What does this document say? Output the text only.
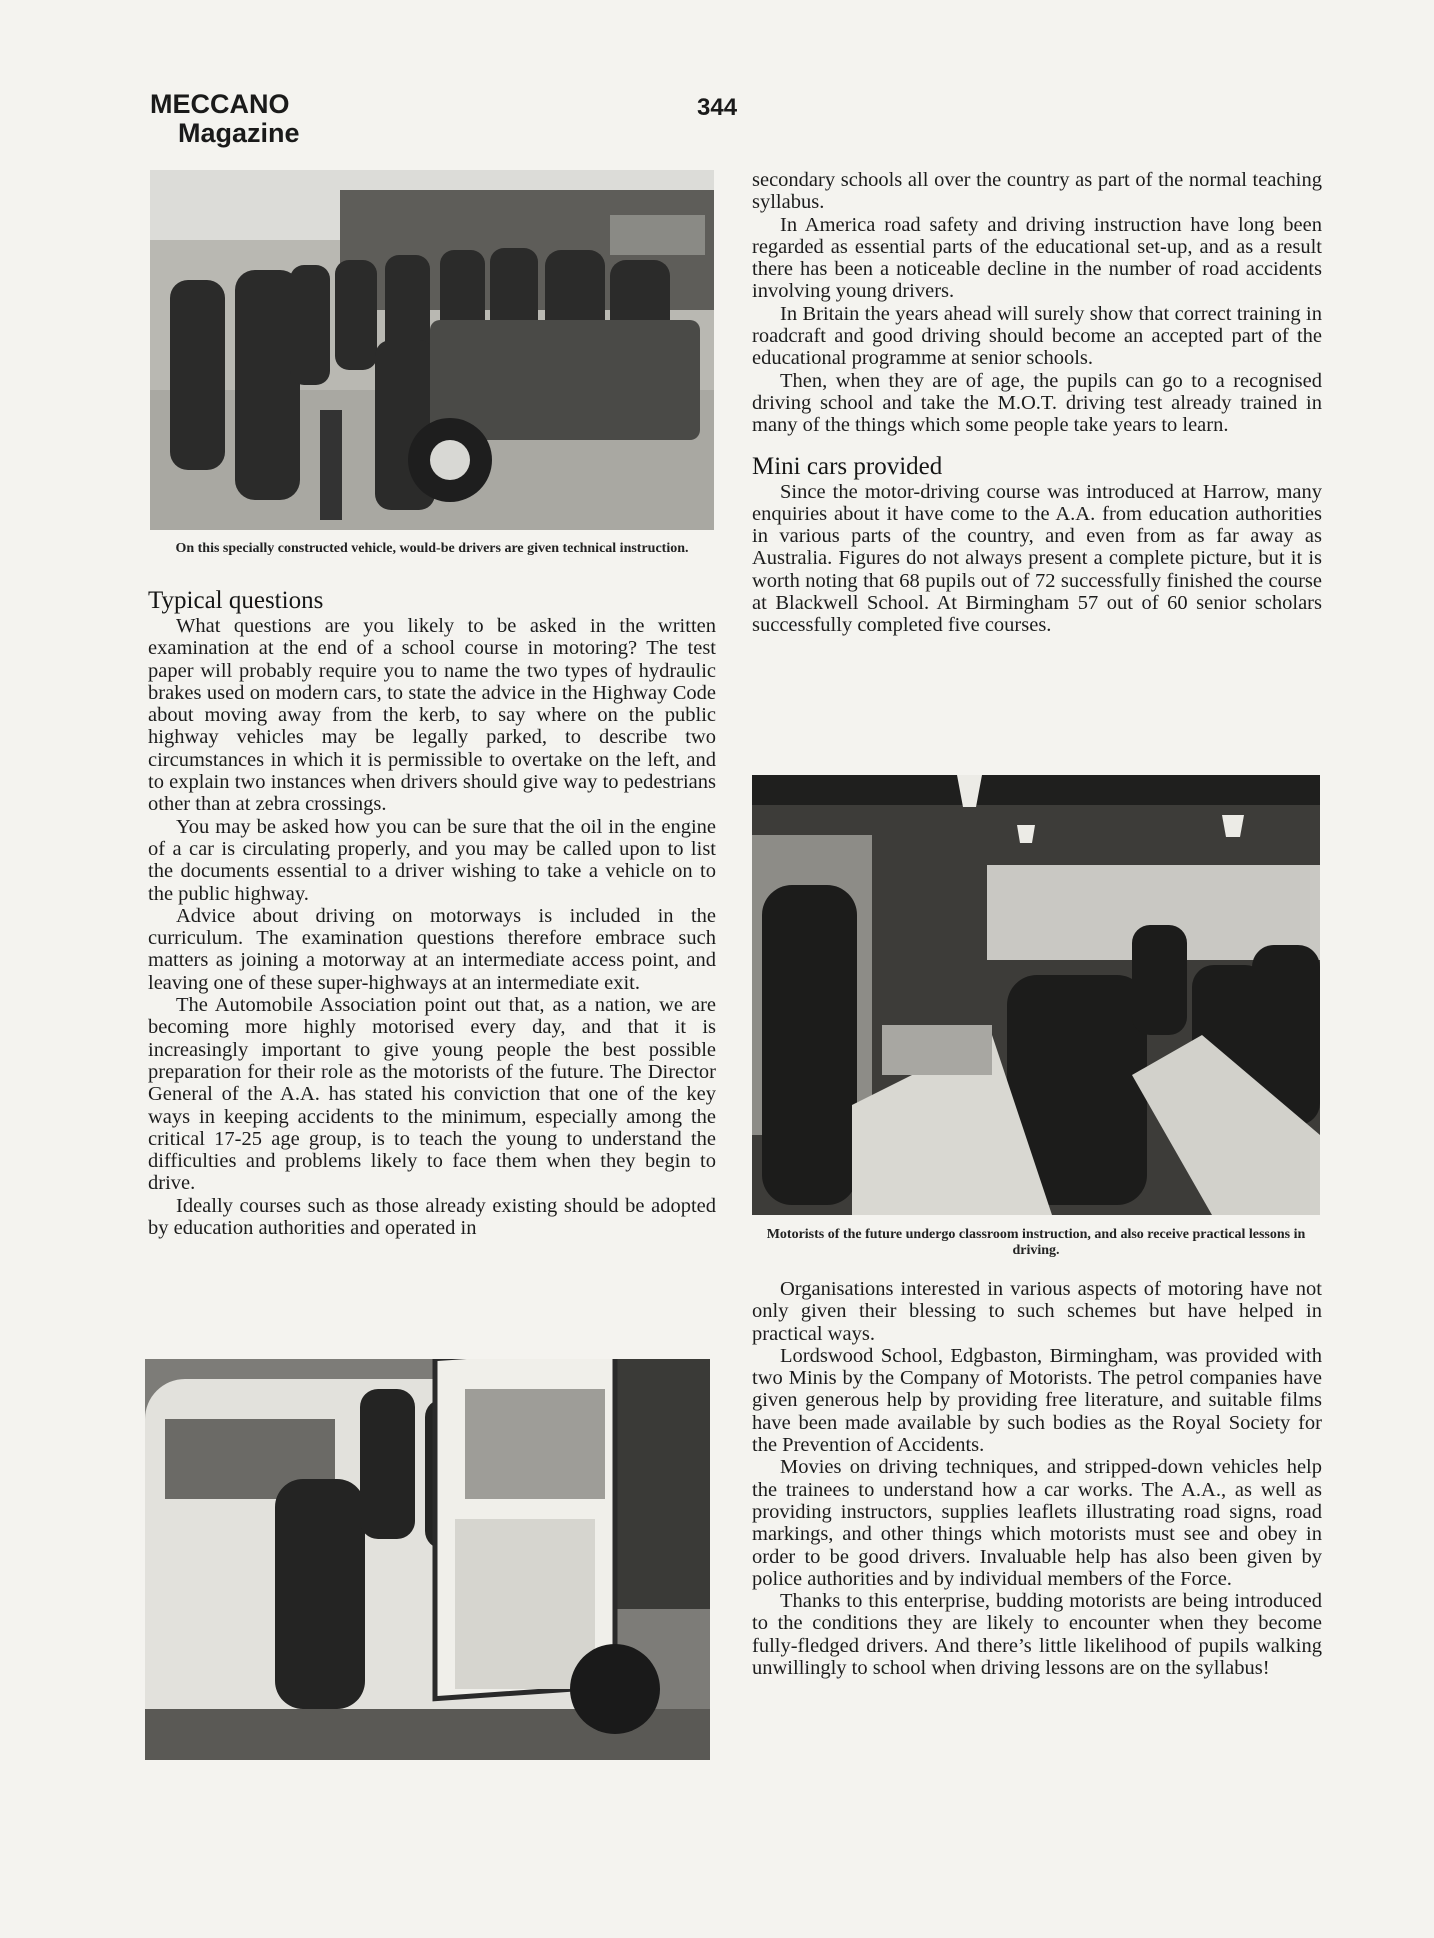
MECCANO
Magazine
344
On this specially constructed vehicle, would-be drivers are given technical instruction.
Typical questions

What questions are you likely to be asked in the written examination at the end of a school course in motoring? The test paper will probably require you to name the two types of hydraulic brakes used on modern cars, to state the advice in the Highway Code about moving away from the kerb, to say where on the public highway vehicles may be legally parked, to describe two circumstances in which it is permissible to overtake on the left, and to explain two instances when drivers should give way to pedestrians other than at zebra crossings.

You may be asked how you can be sure that the oil in the engine of a car is circulating properly, and you may be called upon to list the documents essential to a driver wishing to take a vehicle on to the public highway.

Advice about driving on motorways is included in the curriculum. The examination questions therefore embrace such matters as joining a motorway at an intermediate access point, and leaving one of these super-highways at an intermediate exit.

The Automobile Association point out that, as a nation, we are becoming more highly motorised every day, and that it is increasingly important to give young people the best possible preparation for their role as the motorists of the future. The Director General of the A.A. has stated his conviction that one of the key ways in keeping accidents to the minimum, especially among the critical 17-25 age group, is to teach the young to understand the difficulties and problems likely to face them when they begin to drive.

Ideally courses such as those already existing should be adopted by education authorities and operated in

secondary schools all over the country as part of the normal teaching syllabus.

In America road safety and driving instruction have long been regarded as essential parts of the educational set-up, and as a result there has been a noticeable decline in the number of road accidents involving young drivers.

In Britain the years ahead will surely show that correct training in roadcraft and good driving should become an accepted part of the educational programme at senior schools.

Then, when they are of age, the pupils can go to a recognised driving school and take the M.O.T. driving test already trained in many of the things which some people take years to learn.

Mini cars provided

Since the motor-driving course was introduced at Harrow, many enquiries about it have come to the A.A. from education authorities in various parts of the country, and even from as far away as Australia. Figures do not always present a complete picture, but it is worth noting that 68 pupils out of 72 successfully finished the course at Blackwell School. At Birmingham 57 out of 60 senior scholars successfully completed five courses.

Motorists of the future undergo classroom instruction, and also receive practical lessons in driving.

Organisations interested in various aspects of motoring have not only given their blessing to such schemes but have helped in practical ways.

Lordswood School, Edgbaston, Birmingham, was provided with two Minis by the Company of Motorists. The petrol companies have given generous help by providing free literature, and suitable films have been made available by such bodies as the Royal Society for the Prevention of Accidents.

Movies on driving techniques, and stripped-down vehicles help the trainees to understand how a car works. The A.A., as well as providing instructors, supplies leaflets illustrating road signs, road markings, and other things which motorists must see and obey in order to be good drivers. Invaluable help has also been given by police authorities and by individual members of the Force.

Thanks to this enterprise, budding motorists are being introduced to the conditions they are likely to encounter when they become fully-fledged drivers. And there’s little likelihood of pupils walking unwillingly to school when driving lessons are on the syllabus!
